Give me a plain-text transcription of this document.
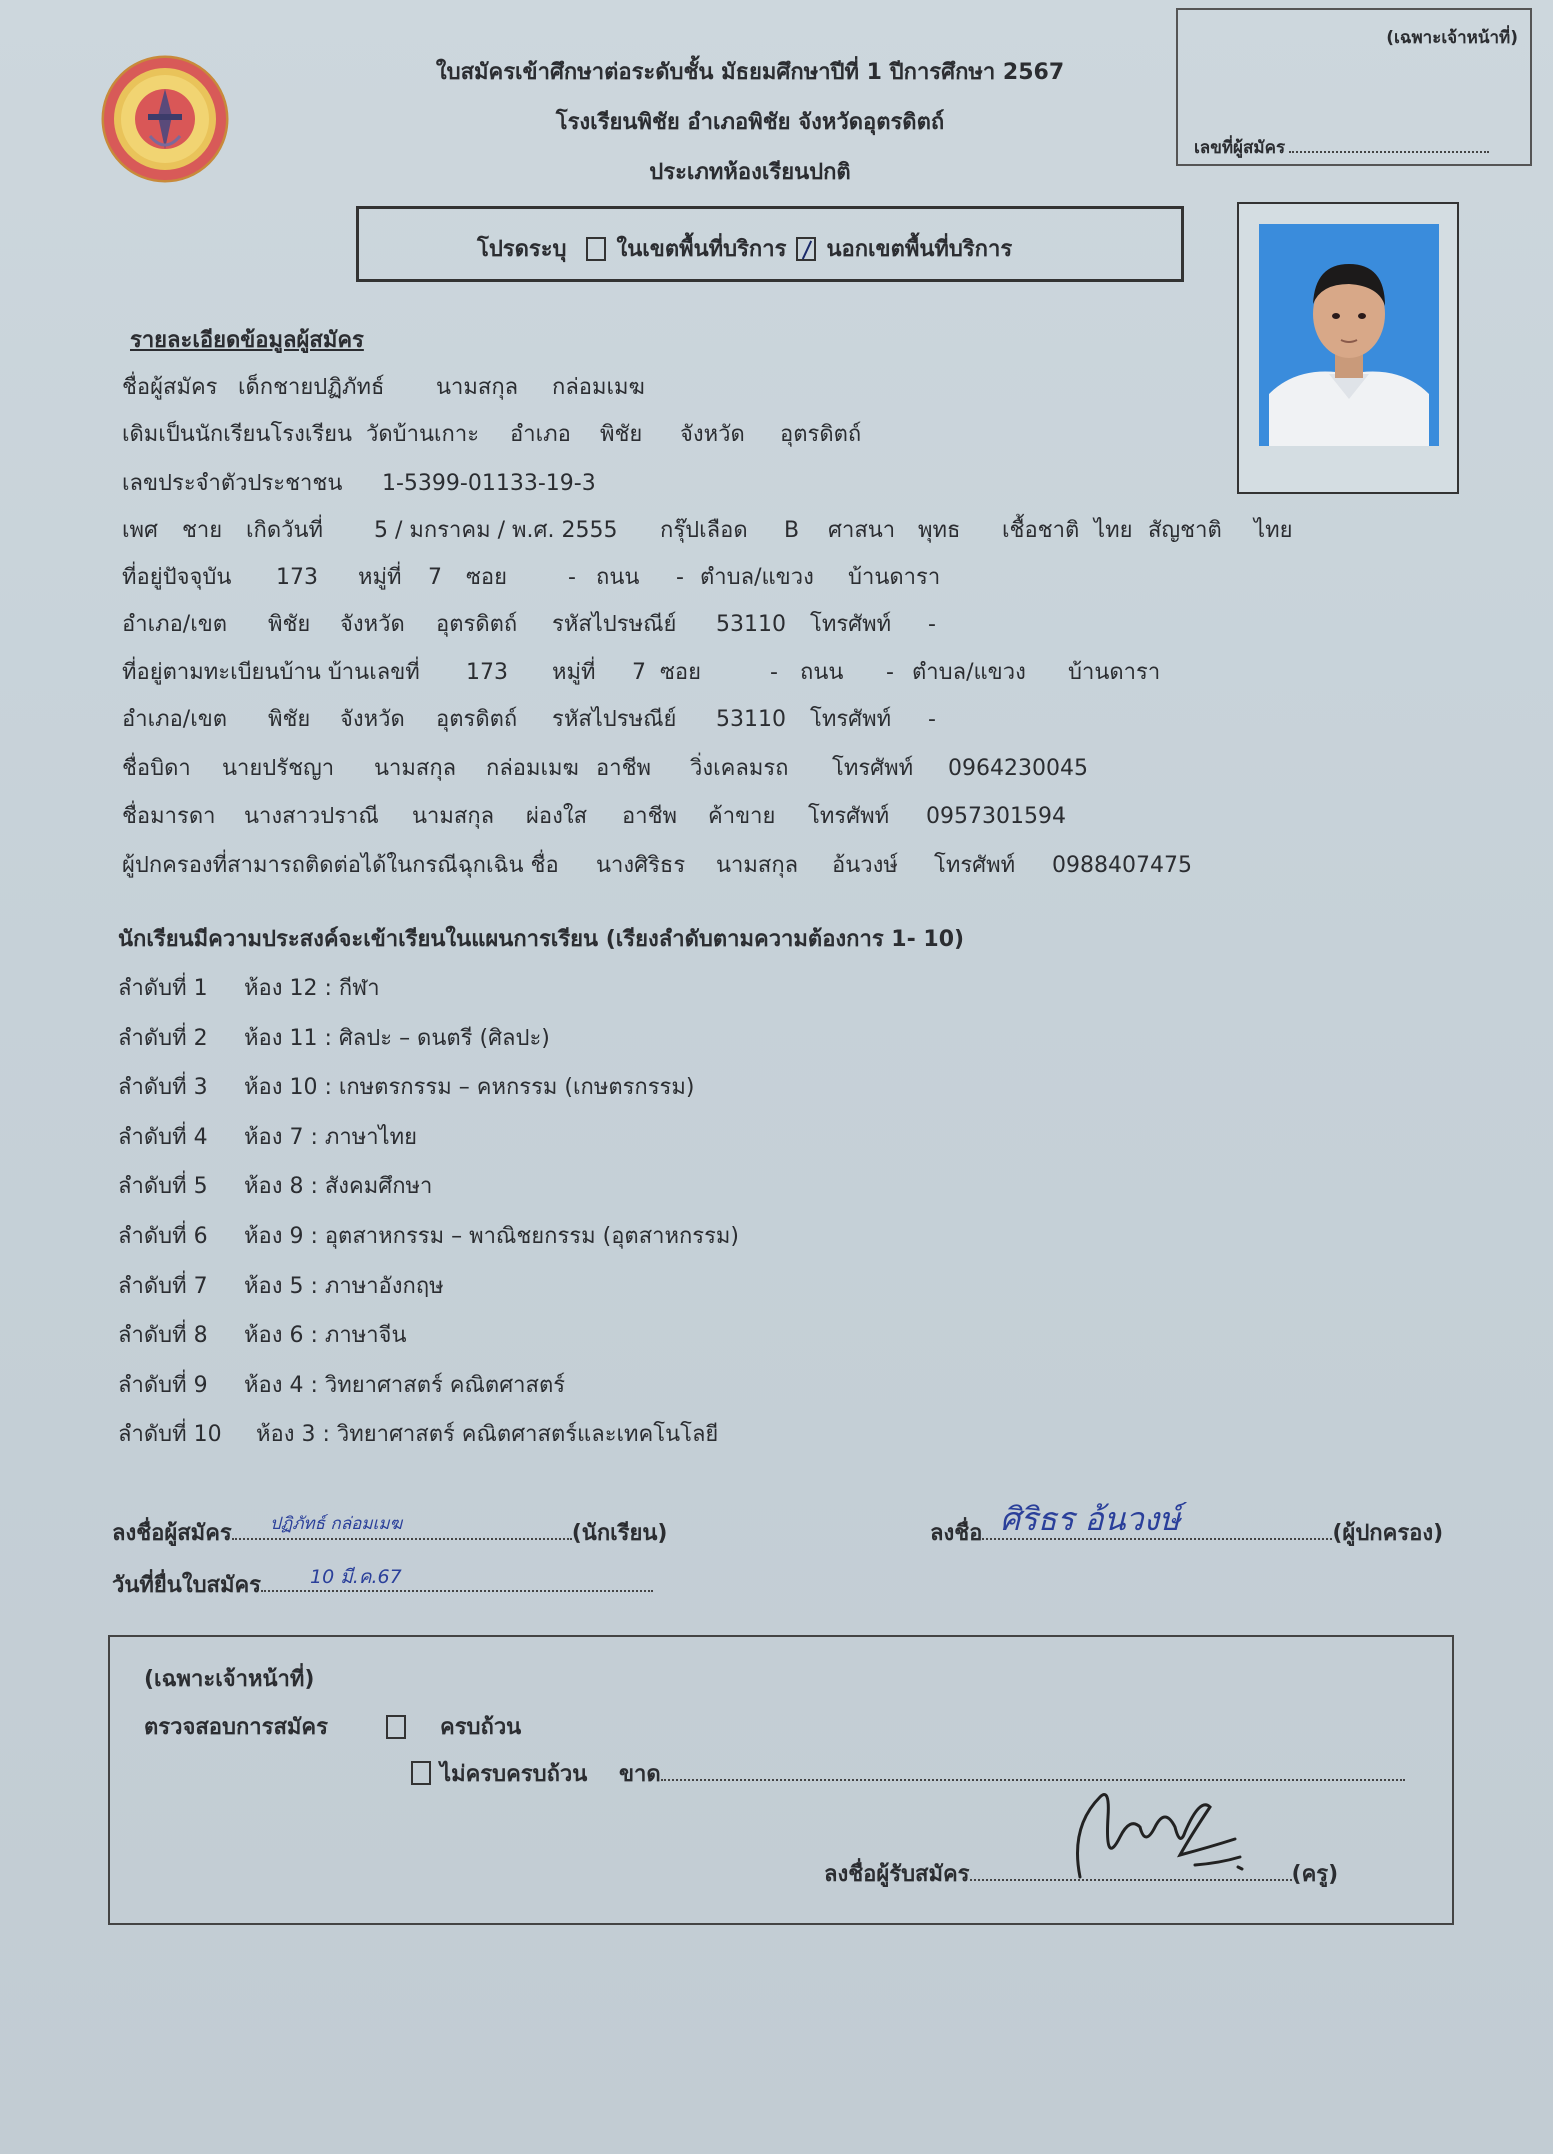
ใบสมัครเข้าศึกษาต่อระดับชั้น มัธยมศึกษาปีที่ 1 ปีการศึกษา 2567
โรงเรียนพิชัย อำเภอพิชัย จังหวัดอุตรดิตถ์
ประเภทห้องเรียนปกติ
(เฉพาะเจ้าหน้าที่)
เลขที่ผู้สมัคร
โปรดระบุ ในเขตพื้นที่บริการ นอกเขตพื้นที่บริการ
รายละเอียดข้อมูลผู้สมัคร
ชื่อผู้สมัคร เด็กชายปฏิภัทธ์ นามสกุล กล่อมเมฆ
เดิมเป็นนักเรียนโรงเรียน วัดบ้านเกาะ อำเภอ พิชัย จังหวัด อุตรดิตถ์
เลขประจำตัวประชาชน 1-5399-01133-19-3
เพศ ชาย เกิดวันที่ 5 / มกราคม / พ.ศ. 2555 กรุ๊ปเลือด B ศาสนา พุทธ เชื้อชาติ ไทย สัญชาติ ไทย
ที่อยู่ปัจจุบัน 173 หมู่ที่ 7 ซอย	- ถนน - ตำบล/แขวง บ้านดารา
อำเภอ/เขต พิชัย จังหวัด อุตรดิตถ์ รหัสไปรษณีย์ 53110 โทรศัพท์ -
ที่อยู่ตามทะเบียนบ้าน บ้านเลขที่ 173 หมู่ที่ 7 ซอย	- ถนน - ตำบล/แขวง บ้านดารา
อำเภอ/เขต พิชัย จังหวัด อุตรดิตถ์ รหัสไปรษณีย์ 53110 โทรศัพท์ -
ชื่อบิดา นายปรัชญา นามสกุล กล่อมเมฆ อาชีพ วิ่งเคลมรถ โทรศัพท์ 0964230045
ชื่อมารดา นางสาวปราณี นามสกุล ผ่องใส อาชีพ ค้าขาย โทรศัพท์ 0957301594
ผู้ปกครองที่สามารถติดต่อได้ในกรณีฉุกเฉิน ชื่อ นางศิริธร นามสกุล อ้นวงษ์ โทรศัพท์ 0988407475
นักเรียนมีความประสงค์จะเข้าเรียนในแผนการเรียน (เรียงลำดับตามความต้องการ 1- 10)
ลำดับที่ 1 ห้อง 12 : กีฬา
ลำดับที่ 2 ห้อง 11 : ศิลปะ – ดนตรี (ศิลปะ)
ลำดับที่ 3 ห้อง 10 : เกษตรกรรม – คหกรรม (เกษตรกรรม)
ลำดับที่ 4 ห้อง 7 : ภาษาไทย
ลำดับที่ 5 ห้อง 8 : สังคมศึกษา
ลำดับที่ 6 ห้อง 9 : อุตสาหกรรม – พาณิชยกรรม (อุตสาหกรรม)
ลำดับที่ 7 ห้อง 5 : ภาษาอังกฤษ
ลำดับที่ 8 ห้อง 6 : ภาษาจีน
ลำดับที่ 9 ห้อง 4 : วิทยาศาสตร์ คณิตศาสตร์
ลำดับที่ 10 ห้อง 3 : วิทยาศาสตร์ คณิตศาสตร์และเทคโนโลยี
ลงชื่อผู้สมัคร	(นักเรียน)
ปฏิภัทธ์ กล่อมเมฆ	ลงชื่อ	(ผู้ปกครอง)
ศิริธร อ้นวงษ์
วันที่ยื่นใบสมัคร	10 มี.ค.67
(เฉพาะเจ้าหน้าที่)
ตรวจสอบการสมัคร
	ครบถ้วน
ไม่ครบครบถ้วน ขาด
ลงชื่อผู้รับสมัคร	(ครู)
